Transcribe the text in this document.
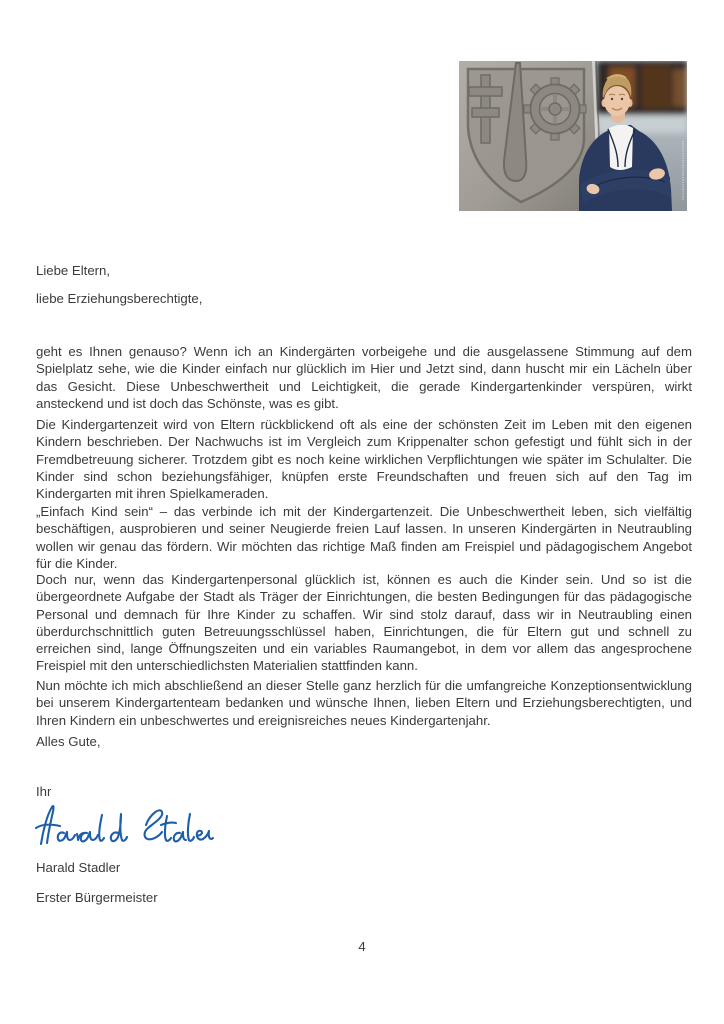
Liebe Eltern,
liebe Erziehungsberechtigte,

geht es Ihnen genauso? Wenn ich an Kindergärten vorbeigehe und die ausgelassene Stimmung auf dem Spielplatz sehe, wie die Kinder einfach nur glücklich im Hier und Jetzt sind, dann huscht mir ein Lächeln über das Gesicht. Diese Unbeschwertheit und Leichtigkeit, die gerade Kindergartenkinder verspüren, wirkt ansteckend und ist doch das Schönste, was es gibt.

Die Kindergartenzeit wird von Eltern rückblickend oft als eine der schönsten Zeit im Leben mit den eigenen Kindern beschrieben. Der Nachwuchs ist im Vergleich zum Krippenalter schon gefestigt und fühlt sich in der Fremdbetreuung sicherer. Trotzdem gibt es noch keine wirklichen Verpflichtungen wie später im Schulalter. Die Kinder sind schon beziehungsfähiger, knüpfen erste Freundschaften und freuen sich auf den Tag im Kindergarten mit ihren Spielkameraden.

„Einfach Kind sein“ – das verbinde ich mit der Kindergartenzeit. Die Unbeschwertheit leben, sich vielfältig beschäftigen, ausprobieren und seiner Neugierde freien Lauf lassen. In unseren Kindergärten in Neutraubling wollen wir genau das fördern. Wir möchten das richtige Maß finden am Freispiel und pädagogischem Angebot für die Kinder.

Doch nur, wenn das Kindergartenpersonal glücklich ist, können es auch die Kinder sein. Und so ist die übergeordnete Aufgabe der Stadt als Träger der Einrichtungen, die besten Bedingungen für das pädagogische Personal und demnach für Ihre Kinder zu schaffen. Wir sind stolz darauf, dass wir in Neutraubling einen überdurchschnittlich guten Betreuungsschlüssel haben, Einrichtungen, die für Eltern gut und schnell zu erreichen sind, lange Öffnungszeiten und ein variables Raumangebot, in dem vor allem das angesprochene Freispiel mit den unterschiedlichsten Materialien stattfinden kann.

Nun möchte ich mich abschließend an dieser Stelle ganz herzlich für die umfangreiche Konzeptionsentwicklung bei unserem Kindergartenteam bedanken und wünsche Ihnen, lieben Eltern und Erziehungsberechtigten, und Ihren Kindern ein unbeschwertes und ereignisreiches neues Kindergartenjahr.

Alles Gute,
Ihr
Harald Stadler
Erster Bürgermeister
4
